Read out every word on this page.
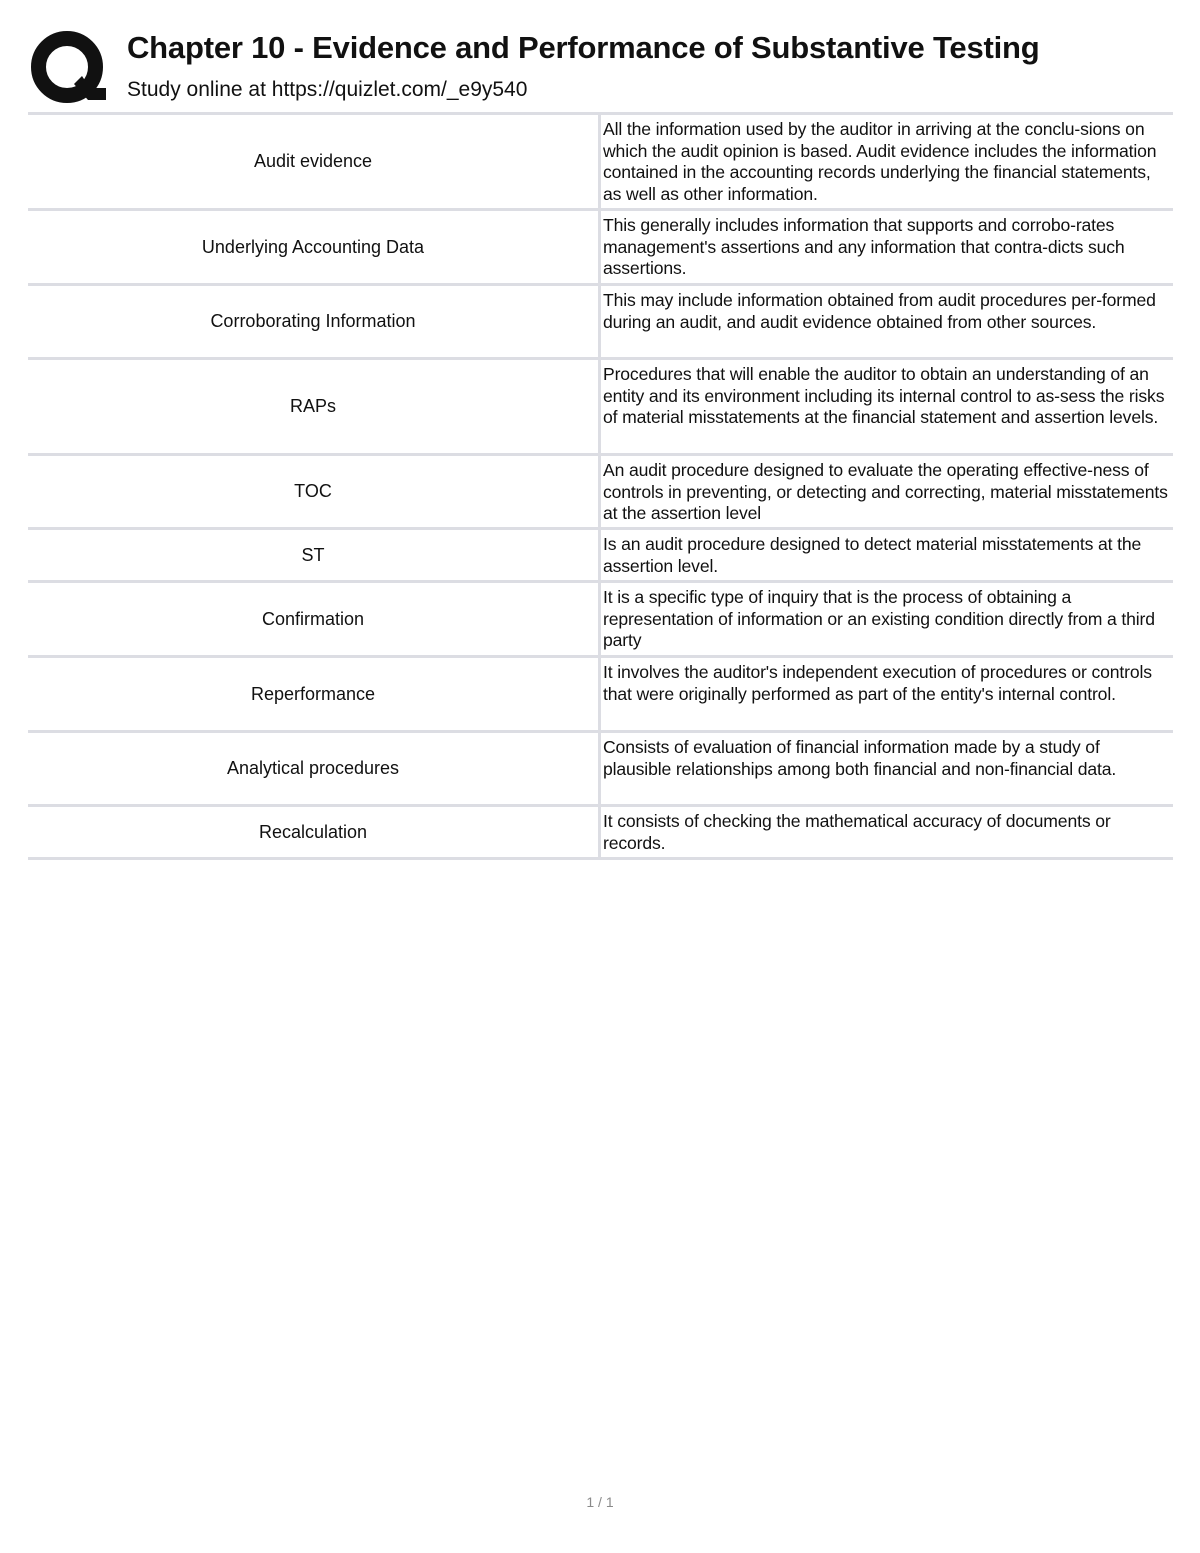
Chapter 10 - Evidence and Performance of Substantive Testing

Study online at https://quizlet.com/_e9y540

Audit evidence
All the information used by the auditor in arriving at the conclu-sions on which the audit opinion is based. Audit evidence includes the information contained in the accounting records underlying the financial statements, as well as other information.
Underlying Accounting Data
This generally includes information that supports and corrobo-rates management's assertions and any information that contra-dicts such assertions.
Corroborating Information
This may include information obtained from audit procedures per-formed during an audit, and audit evidence obtained from other sources.
RAPs
Procedures that will enable the auditor to obtain an understanding of an entity and its environment including its internal control to as-sess the risks of material misstatements at the financial statement and assertion levels.
TOC
An audit procedure designed to evaluate the operating effective-ness of controls in preventing, or detecting and correcting, material misstatements at the assertion level
ST
Is an audit procedure designed to detect material misstatements at the assertion level.
Confirmation
It is a specific type of inquiry that is the process of obtaining a representation of information or an existing condition directly from a third party
Reperformance
It involves the auditor's independent execution of procedures or controls that were originally performed as part of the entity's internal control.
Analytical procedures
Consists of evaluation of financial information made by a study of plausible relationships among both financial and non-financial data.
Recalculation
It consists of checking the mathematical accuracy of documents or records.
1 / 1
